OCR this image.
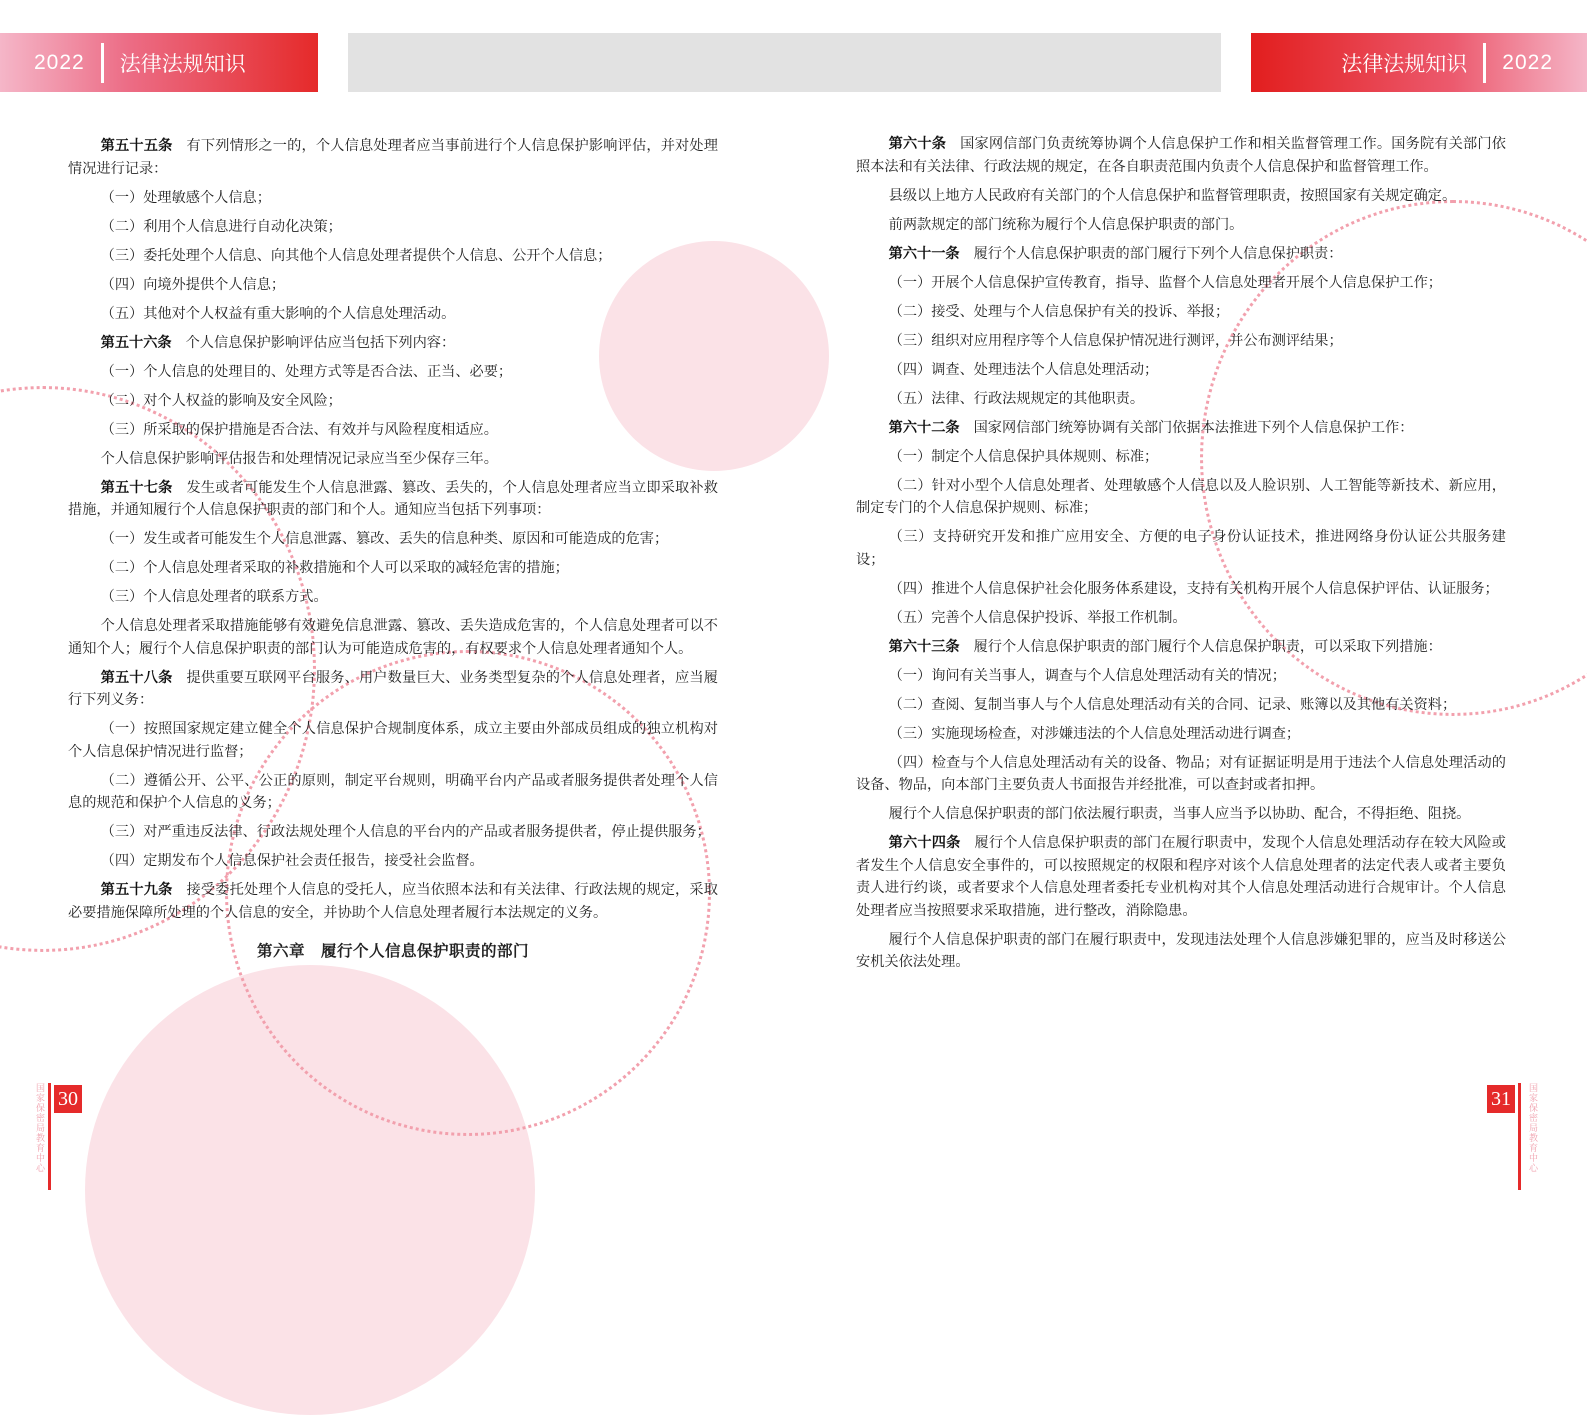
2022 法律法规知识	法律法规知识 2022

第五十五条 有下列情形之一的，个人信息处理者应当事前进行个人信息保护影响评估，并对处理情况进行记录：

（一）处理敏感个人信息；

（二）利用个人信息进行自动化决策；

（三）委托处理个人信息、向其他个人信息处理者提供个人信息、公开个人信息；

（四）向境外提供个人信息；

（五）其他对个人权益有重大影响的个人信息处理活动。

第五十六条 个人信息保护影响评估应当包括下列内容：

（一）个人信息的处理目的、处理方式等是否合法、正当、必要；

（二）对个人权益的影响及安全风险；

（三）所采取的保护措施是否合法、有效并与风险程度相适应。

个人信息保护影响评估报告和处理情况记录应当至少保存三年。

第五十七条 发生或者可能发生个人信息泄露、篡改、丢失的，个人信息处理者应当立即采取补救措施，并通知履行个人信息保护职责的部门和个人。通知应当包括下列事项：

（一）发生或者可能发生个人信息泄露、篡改、丢失的信息种类、原因和可能造成的危害；

（二）个人信息处理者采取的补救措施和个人可以采取的减轻危害的措施；

（三）个人信息处理者的联系方式。

个人信息处理者采取措施能够有效避免信息泄露、篡改、丢失造成危害的，个人信息处理者可以不通知个人；履行个人信息保护职责的部门认为可能造成危害的，有权要求个人信息处理者通知个人。

第五十八条 提供重要互联网平台服务、用户数量巨大、业务类型复杂的个人信息处理者，应当履行下列义务：

（一）按照国家规定建立健全个人信息保护合规制度体系，成立主要由外部成员组成的独立机构对个人信息保护情况进行监督；

（二）遵循公开、公平、公正的原则，制定平台规则，明确平台内产品或者服务提供者处理个人信息的规范和保护个人信息的义务；

（三）对严重违反法律、行政法规处理个人信息的平台内的产品或者服务提供者，停止提供服务；

（四）定期发布个人信息保护社会责任报告，接受社会监督。

第五十九条 接受委托处理个人信息的受托人，应当依照本法和有关法律、行政法规的规定，采取必要措施保障所处理的个人信息的安全，并协助个人信息处理者履行本法规定的义务。

第六章　履行个人信息保护职责的部门

第六十条 国家网信部门负责统筹协调个人信息保护工作和相关监督管理工作。国务院有关部门依照本法和有关法律、行政法规的规定，在各自职责范围内负责个人信息保护和监督管理工作。

县级以上地方人民政府有关部门的个人信息保护和监督管理职责，按照国家有关规定确定。

前两款规定的部门统称为履行个人信息保护职责的部门。

第六十一条 履行个人信息保护职责的部门履行下列个人信息保护职责：

（一）开展个人信息保护宣传教育，指导、监督个人信息处理者开展个人信息保护工作；

（二）接受、处理与个人信息保护有关的投诉、举报；

（三）组织对应用程序等个人信息保护情况进行测评，并公布测评结果；

（四）调查、处理违法个人信息处理活动；

（五）法律、行政法规规定的其他职责。

第六十二条 国家网信部门统筹协调有关部门依据本法推进下列个人信息保护工作：

（一）制定个人信息保护具体规则、标准；

（二）针对小型个人信息处理者、处理敏感个人信息以及人脸识别、人工智能等新技术、新应用，制定专门的个人信息保护规则、标准；

（三）支持研究开发和推广应用安全、方便的电子身份认证技术，推进网络身份认证公共服务建设；

（四）推进个人信息保护社会化服务体系建设，支持有关机构开展个人信息保护评估、认证服务；

（五）完善个人信息保护投诉、举报工作机制。

第六十三条 履行个人信息保护职责的部门履行个人信息保护职责，可以采取下列措施：

（一）询问有关当事人，调查与个人信息处理活动有关的情况；

（二）查阅、复制当事人与个人信息处理活动有关的合同、记录、账簿以及其他有关资料；

（三）实施现场检查，对涉嫌违法的个人信息处理活动进行调查；

（四）检查与个人信息处理活动有关的设备、物品；对有证据证明是用于违法个人信息处理活动的设备、物品，向本部门主要负责人书面报告并经批准，可以查封或者扣押。

履行个人信息保护职责的部门依法履行职责，当事人应当予以协助、配合，不得拒绝、阻挠。

第六十四条 履行个人信息保护职责的部门在履行职责中，发现个人信息处理活动存在较大风险或者发生个人信息安全事件的，可以按照规定的权限和程序对该个人信息处理者的法定代表人或者主要负责人进行约谈，或者要求个人信息处理者委托专业机构对其个人信息处理活动进行合规审计。个人信息处理者应当按照要求采取措施，进行整改，消除隐患。

履行个人信息保护职责的部门在履行职责中，发现违法处理个人信息涉嫌犯罪的，应当及时移送公安机关依法处理。

30
国家保密局教育中心	31	国家保密局教育中心
